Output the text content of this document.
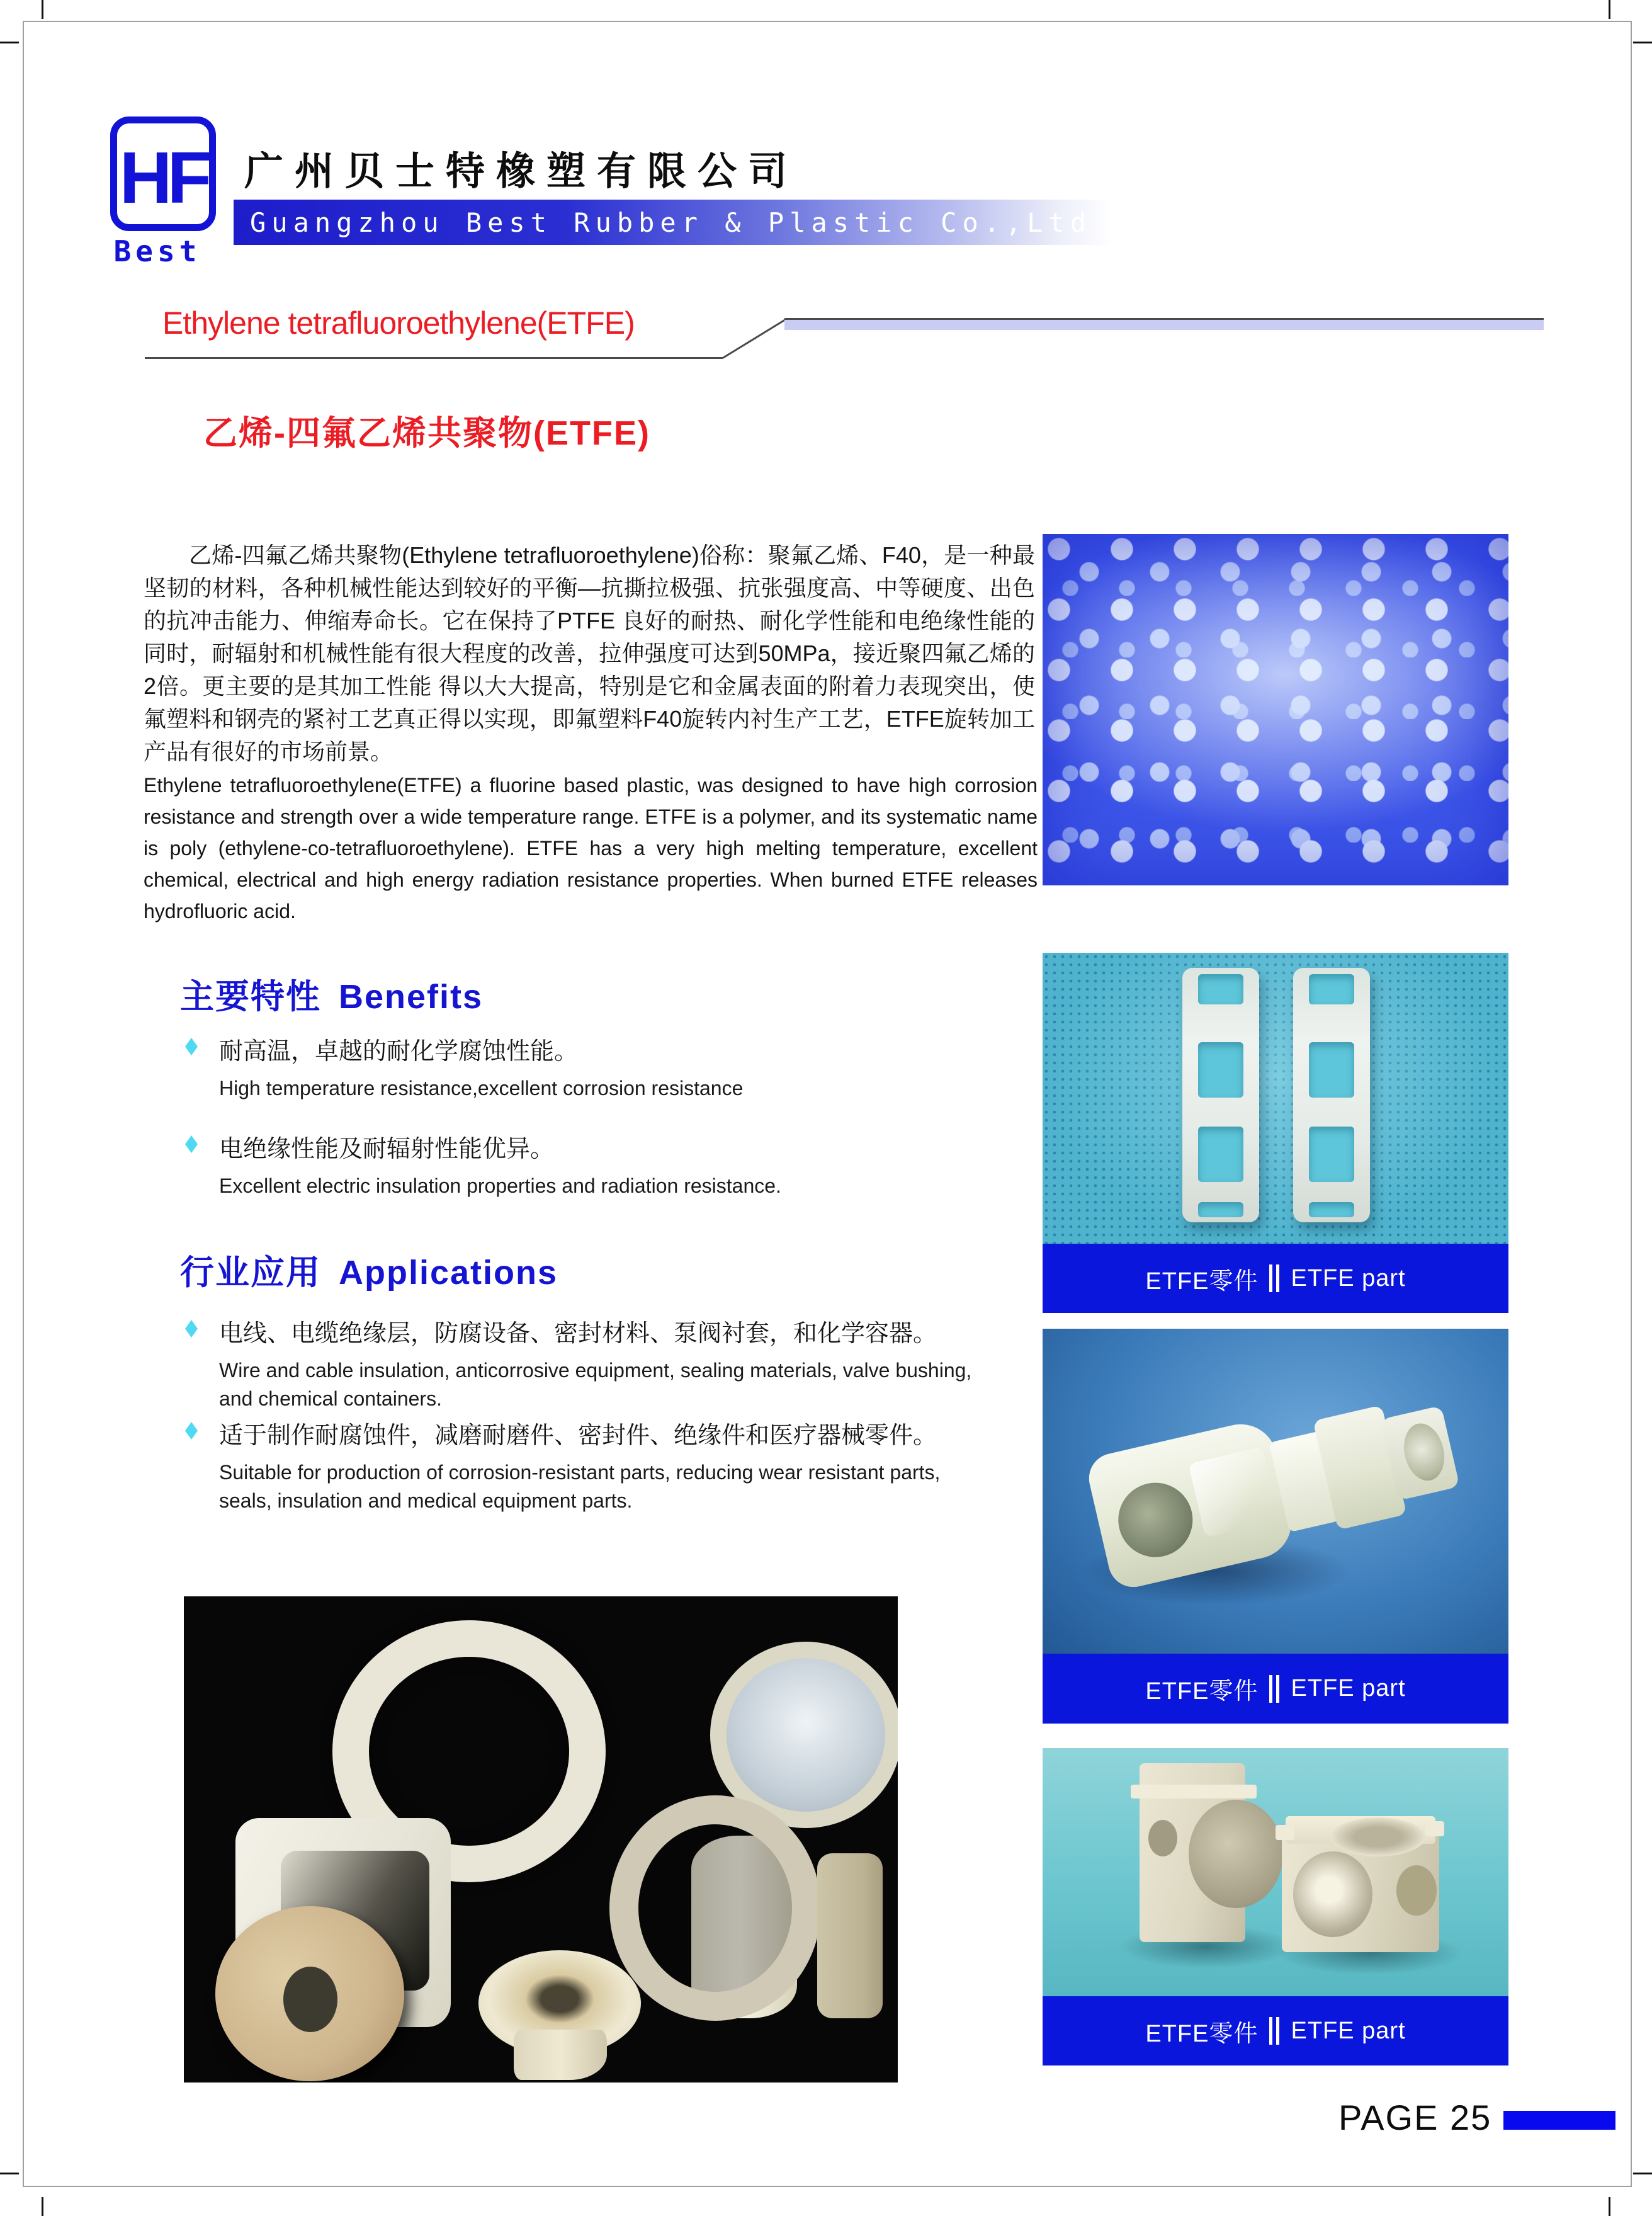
HF
Best
广州贝士特橡塑有限公司
Guangzhou Best Rubber & Plastic Co.,Ltd
Ethylene tetrafluoroethylene(ETFE)
乙烯-四氟乙烯共聚物(ETFE)
乙烯-四氟乙烯共聚物(Ethylene tetrafluoroethylene)俗称：聚氟乙烯、F40，是一种最坚韧的材料，各种机械性能达到较好的平衡—抗撕拉极强、抗张强度高、中等硬度、出色的抗冲击能力、伸缩寿命长。它在保持了PTFE 良好的耐热、耐化学性能和电绝缘性能的同时，耐辐射和机械性能有很大程度的改善，拉伸强度可达到50MPa，接近聚四氟乙烯的2倍。更主要的是其加工性能 得以大大提高，特别是它和金属表面的附着力表现突出，使氟塑料和钢壳的紧衬工艺真正得以实现，即氟塑料F40旋转内衬生产工艺，ETFE旋转加工产品有很好的市场前景。
Ethylene tetrafluoroethylene(ETFE) a fluorine based plastic, was designed to have high corrosion resistance and strength over a wide temperature range. ETFE is a polymer, and its systematic name is poly (ethylene-co-tetrafluoroethylene). ETFE has a very high melting temperature, excellent chemical, electrical and high energy radiation resistance properties. When burned ETFE releases hydrofluoric acid.
主要特性 Benefits
耐高温，卓越的耐化学腐蚀性能。
High temperature resistance,excellent corrosion resistance
电绝缘性能及耐辐射性能优异。
Excellent electric insulation properties and radiation resistance.
行业应用 Applications
电线、电缆绝缘层，防腐设备、密封材料、泵阀衬套，和化学容器。
Wire and cable insulation, anticorrosive equipment, sealing materials, valve bushing, and chemical containers.
适于制作耐腐蚀件，减磨耐磨件、密封件、绝缘件和医疗器械零件。
Suitable for production of corrosion-resistant parts, reducing wear resistant parts, seals, insulation and medical equipment parts.
ETFE零件 ETFE part
ETFE零件 ETFE part
ETFE零件 ETFE part
PAGE 25
